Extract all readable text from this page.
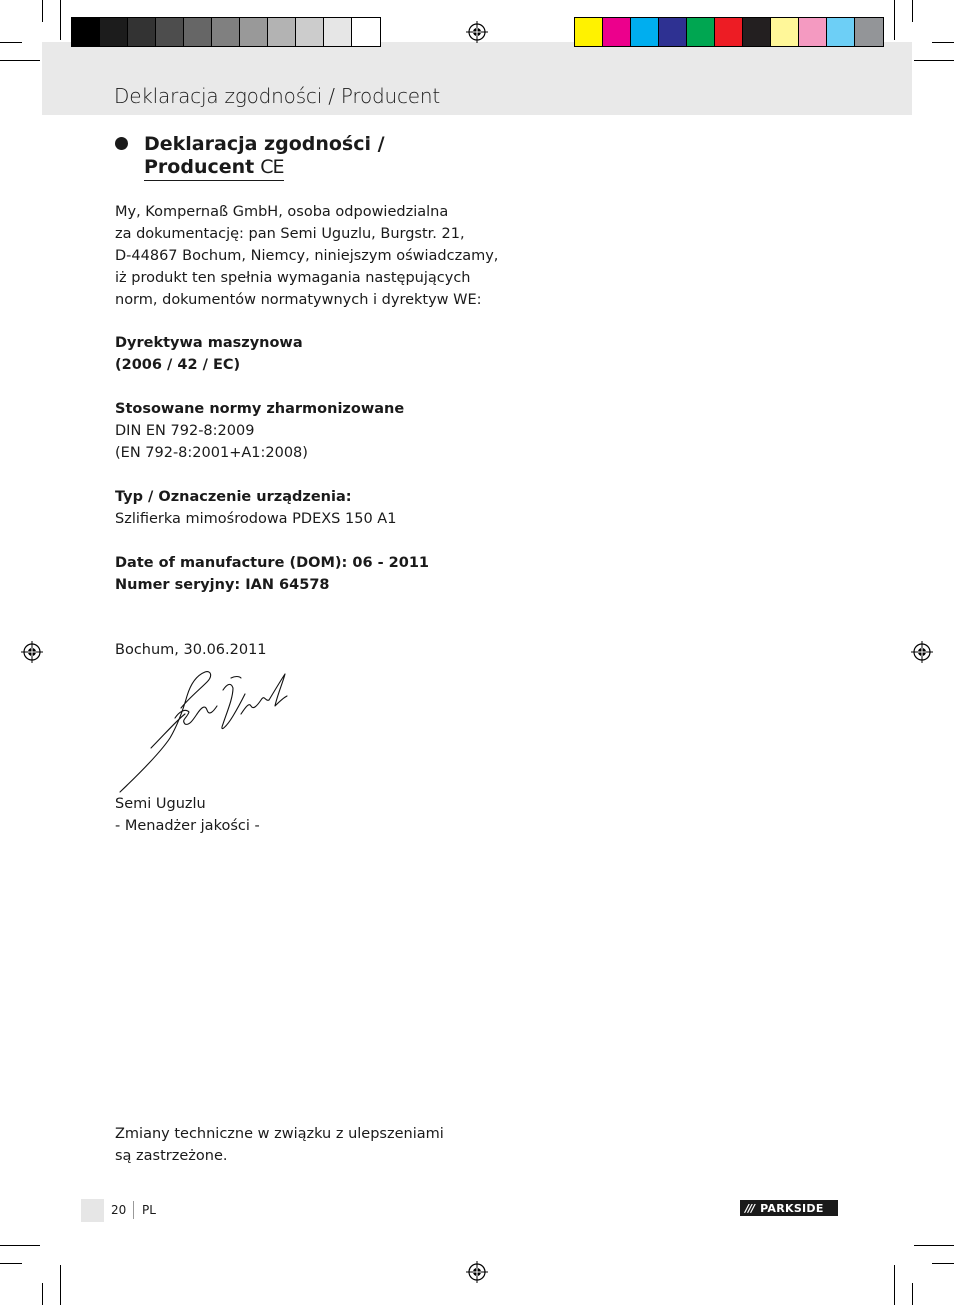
Deklaracja zgodności / Producent
Deklaracja zgodności /
Producent CE
My, Kompernaß GmbH, osoba odpowiedzialna
za dokumentację: pan Semi Uguzlu, Burgstr. 21,
D-44867 Bochum, Niemcy, niniejszym oświadczamy,
iż produkt ten spełnia wymagania następujących
norm, dokumentów normatywnych i dyrektyw WE:
Dyrektywa maszynowa
(2006 / 42 / EC)
Stosowane normy zharmonizowane
DIN EN 792-8:2009
(EN 792-8:2001+A1:2008)
Typ / Oznaczenie urządzenia:
Szlifierka mimośrodowa PDEXS 150 A1
Date of manufacture (DOM): 06 - 2011
Numer seryjny: IAN 64578
Bochum, 30.06.2011
Semi Uguzlu
- Menadżer jakości -
Zmiany techniczne w związku z ulepszeniami
są zastrzeżone.
20 PL	/// PARKSIDE
